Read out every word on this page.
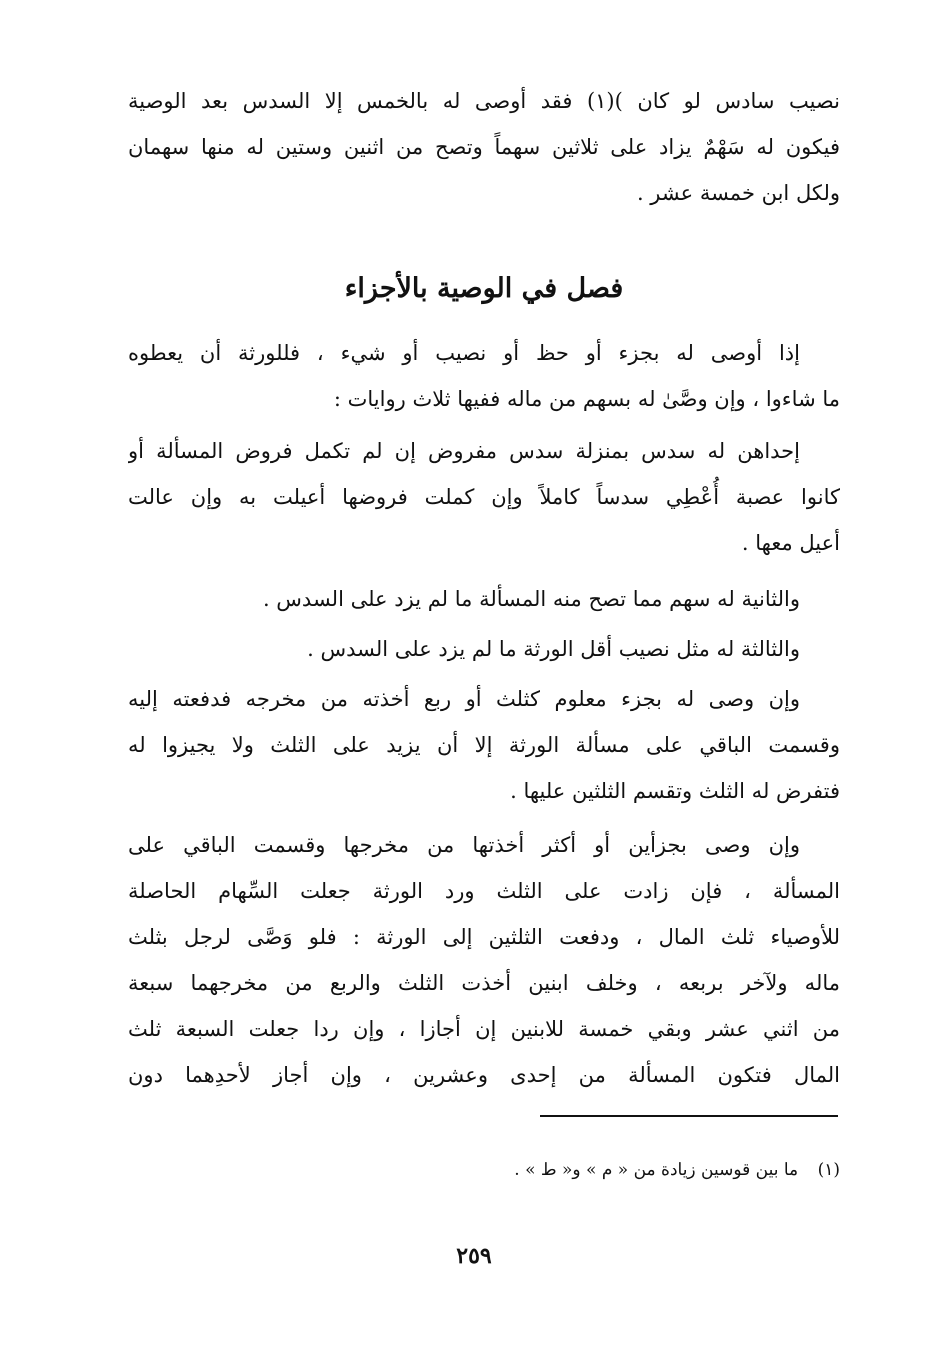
نصيب سادس لو كان )(١) فقد أوصى له بالخمس إلا السدس بعد الوصية
فيكون له سَهْمٌ يزاد على ثلاثين سهماً وتصح من اثنين وستين له منها سهمان
ولكل ابن خمسة عشر .
فصل في الوصية بالأجزاء
إذا أوصى له بجزء أو حظ أو نصيب أو شيء ، فللورثة أن يعطوه
ما شاءوا ، وإن وصَّىٰ له بسهم من ماله ففيها ثلاث روايات :
إحداهن له سدس بمنزلة سدس مفروض إن لم تكمل فروض المسألة أو
كانوا عصبة أُعْطِي سدساً كاملاً وإن كملت فروضها أعيلت به وإن عالت
أعيل معها .
والثانية له سهم مما تصح منه المسألة ما لم يزد على السدس .
والثالثة له مثل نصيب أقل الورثة ما لم يزد على السدس .
وإن وصى له بجزء معلوم كثلث أو ربع أخذته من مخرجه فدفعته إليه
وقسمت الباقي على مسألة الورثة إلا أن يزيد على الثلث ولا يجيزوا له
فتفرض له الثلث وتقسم الثلثين عليها .
وإن وصى بجزأين أو أكثر أخذتها من مخرجها وقسمت الباقي على
المسألة ، فإن زادت على الثلث ورد الورثة جعلت السِّهام الحاصلة
للأوصياء ثلث المال ، ودفعت الثلثين إلى الورثة : فلو وَصَّى لرجل بثلث
ماله ولآخر بربعه ، وخلف ابنين أخذت الثلث والربع من مخرجهما سبعة
من اثني عشر وبقي خمسة للابنين إن أجازا ، وإن ردا جعلت السبعة ثلث
المال فتكون المسألة من إحدى وعشرين ، وإن أجاز لأحدِهما دون
(١) ما بين قوسين زيادة من « م » و« ط » .
٢٥٩
